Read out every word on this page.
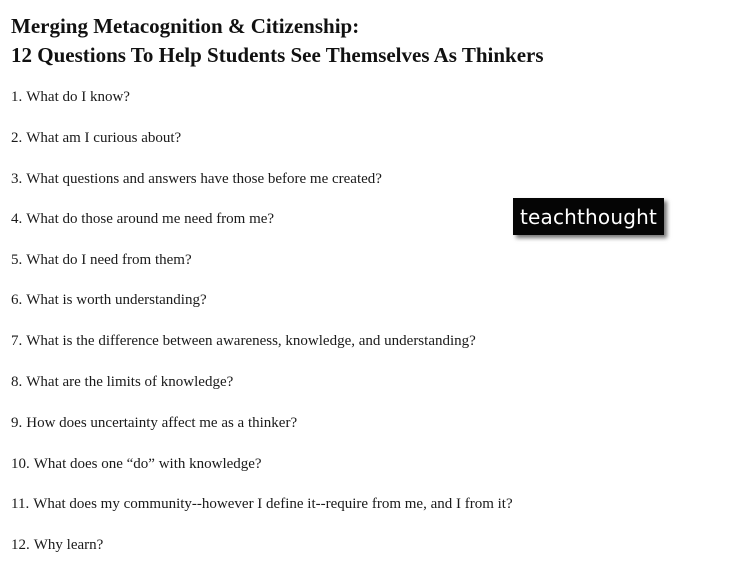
Merging Metacognition & Citizenship:
12 Questions To Help Students See Themselves As Thinkers
1. What do I know?
2. What am I curious about?
3. What questions and answers have those before me created?
4. What do those around me need from me?
5. What do I need from them?
6. What is worth understanding?
7. What is the difference between awareness, knowledge, and understanding?
8. What are the limits of knowledge?
9. How does uncertainty affect me as a thinker?
10. What does one “do” with knowledge?
11. What does my community--however I define it--require from me, and I from it?
12. Why learn?
teachthought
